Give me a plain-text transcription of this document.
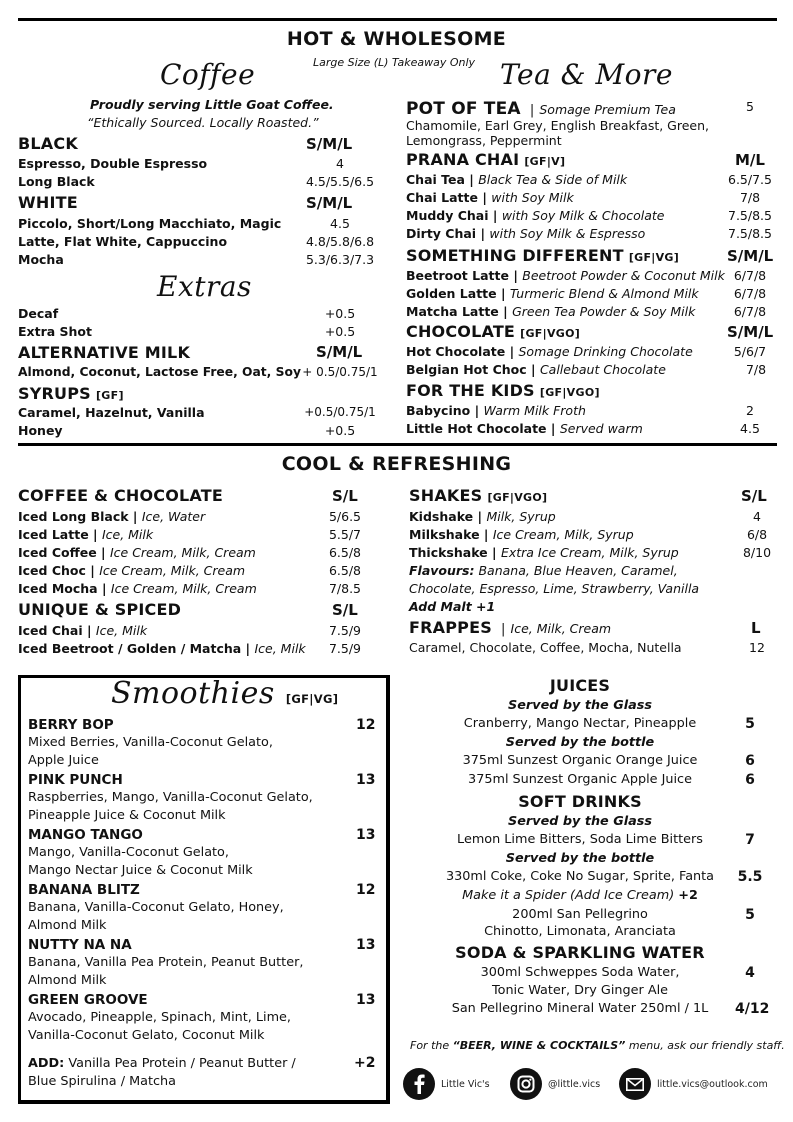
HOT & WHOLESOME
Large Size (L) Takeaway Only
Coffee
Proudly serving Little Goat Coffee.
“Ethically Sourced. Locally Roasted.”
BLACK	S/M/L
Espresso, Double Espresso	4
Long Black	4.5/5.5/6.5
WHITE	S/M/L
Piccolo, Short/Long Macchiato, Magic	4.5
Latte, Flat White, Cappuccino	4.8/5.8/6.8
Mocha	5.3/6.3/7.3
Extras
Decaf	+0.5
Extra Shot	+0.5
ALTERNATIVE MILK	S/M/L
Almond, Coconut, Lactose Free, Oat, Soy + 0.5/0.75/1
SYRUPS [GF]
Caramel, Hazelnut, Vanilla	+0.5/0.75/1
Honey	+0.5
Tea & More
POT OF TEA | Somage Premium Tea	5
Chamomile, Earl Grey, English Breakfast, Green,
Lemongrass, Peppermint
PRANA CHAI [GF|V]	M/L
Chai Tea | Black Tea & Side of Milk	6.5/7.5
Chai Latte | with Soy Milk	7/8
Muddy Chai | with Soy Milk & Chocolate	7.5/8.5
Dirty Chai | with Soy Milk & Espresso	7.5/8.5
SOMETHING DIFFERENT [GF|VG]	S/M/L
Beetroot Latte | Beetroot Powder & Coconut Milk 6/7/8
Golden Latte | Turmeric Blend & Almond Milk	6/7/8
Matcha Latte | Green Tea Powder & Soy Milk	6/7/8
CHOCOLATE [GF|VGO]	S/M/L
Hot Chocolate | Somage Drinking Chocolate	5/6/7
Belgian Hot Choc | Callebaut Chocolate	7/8
FOR THE KIDS [GF|VGO]
Babycino | Warm Milk Froth	2
Little Hot Chocolate | Served warm	4.5
COOL & REFRESHING
COFFEE & CHOCOLATE	S/L
Iced Long Black | Ice, Water	5/6.5
Iced Latte | Ice, Milk	5.5/7
Iced Coffee | Ice Cream, Milk, Cream	6.5/8
Iced Choc | Ice Cream, Milk, Cream	6.5/8
Iced Mocha | Ice Cream, Milk, Cream	7/8.5
UNIQUE & SPICED	S/L
Iced Chai | Ice, Milk	7.5/9
Iced Beetroot / Golden / Matcha | Ice, Milk	7.5/9
SHAKES [GF|VGO]	S/L
Kidshake | Milk, Syrup	4
Milkshake | Ice Cream, Milk, Syrup	6/8
Thickshake | Extra Ice Cream, Milk, Syrup	8/10
Flavours: Banana, Blue Heaven, Caramel,
Chocolate, Espresso, Lime, Strawberry, Vanilla
Add Malt +1
FRAPPES | Ice, Milk, Cream	L
Caramel, Chocolate, Coffee, Mocha, Nutella	12
Smoothies [GF|VG]
BERRY BOP	12
Mixed Berries, Vanilla-Coconut Gelato,
Apple Juice
PINK PUNCH	13
Raspberries, Mango, Vanilla-Coconut Gelato,
Pineapple Juice & Coconut Milk
MANGO TANGO	13
Mango, Vanilla-Coconut Gelato,
Mango Nectar Juice & Coconut Milk
BANANA BLITZ	12
Banana, Vanilla-Coconut Gelato, Honey,
Almond Milk
NUTTY NA NA	13
Banana, Vanilla Pea Protein, Peanut Butter,
Almond Milk
GREEN GROOVE	13
Avocado, Pineapple, Spinach, Mint, Lime,
Vanilla-Coconut Gelato, Coconut Milk
ADD: Vanilla Pea Protein / Peanut Butter /
Blue Spirulina / Matcha
+2
JUICES
Served by the Glass
Cranberry, Mango Nectar, Pineapple	5
Served by the bottle
375ml Sunzest Organic Orange Juice	6
375ml Sunzest Organic Apple Juice	6
SOFT DRINKS
Served by the Glass
Lemon Lime Bitters, Soda Lime Bitters	7
Served by the bottle
330ml Coke, Coke No Sugar, Sprite, Fanta	5.5
Make it a Spider (Add Ice Cream) +2
200ml San Pellegrino	5
Chinotto, Limonata, Aranciata
SODA & SPARKLING WATER
300ml Schweppes Soda Water,	4
Tonic Water, Dry Ginger Ale
San Pellegrino Mineral Water 250ml / 1L	4/12
For the “BEER, WINE & COCKTAILS” menu, ask our friendly staff.
Little Vic's	@little.vics	little.vics@outlook.com
